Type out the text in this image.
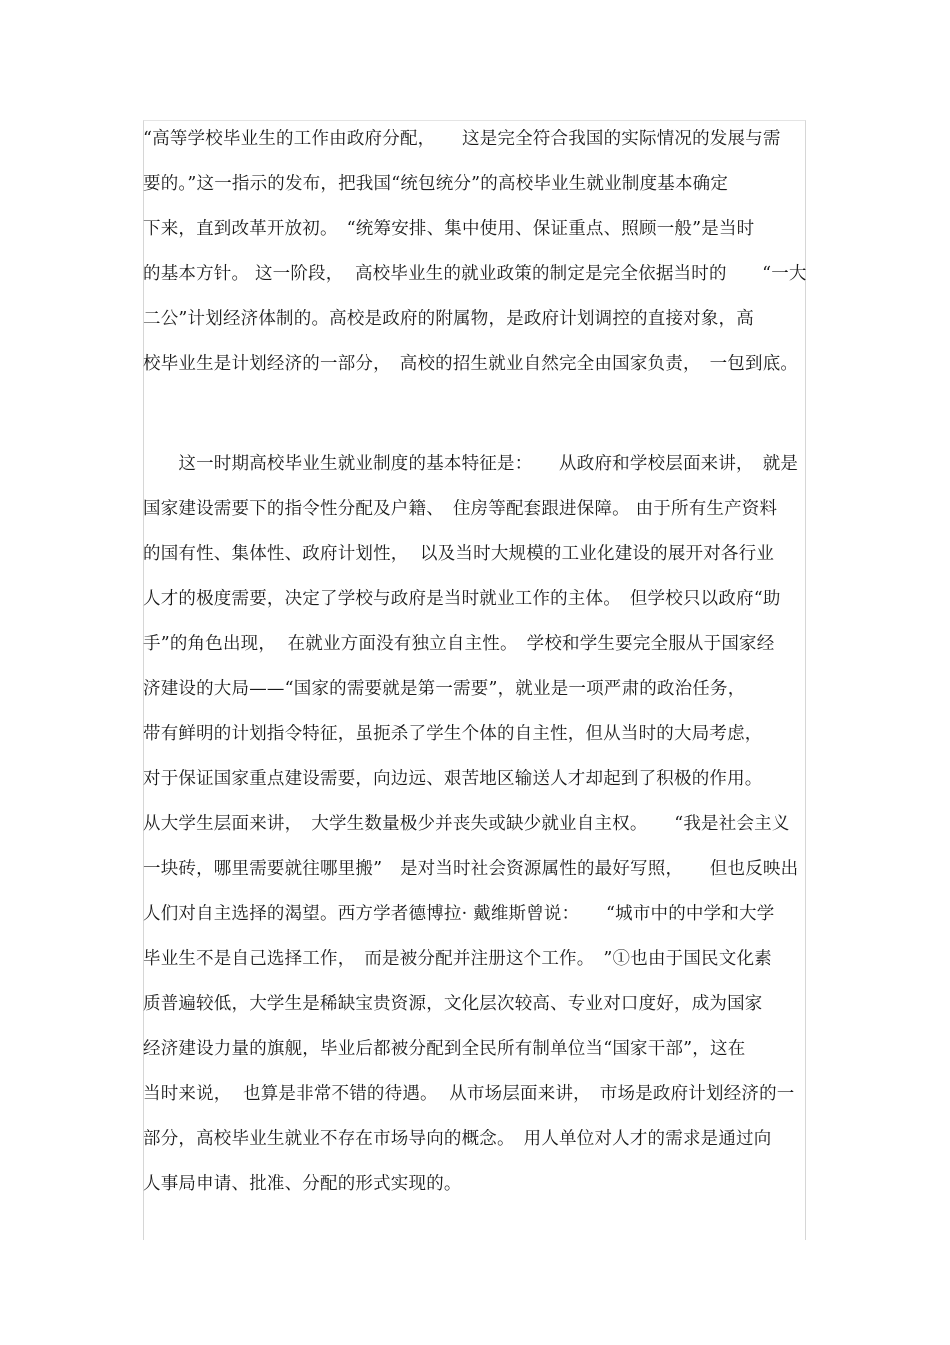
“高等学校毕业生的工作由政府分配，　　这是完全符合我国的实际情况的发展与需
要的。”这一指示的发布，把我国“统包统分”的高校毕业生就业制度基本确定
下来，直到改革开放初。　“统筹安排、集中使用、保证重点、照顾一般”是当时
的基本方针。 这一阶段，  高校毕业生的就业政策的制定是完全依据当时的　　“一大
二公”计划经济体制的。高校是政府的附属物，是政府计划调控的直接对象，高
校毕业生是计划经济的一部分，　高校的招生就业自然完全由国家负责，　一包到底。
　　这一时期高校毕业生就业制度的基本特征是：　　从政府和学校层面来讲，　就是
国家建设需要下的指令性分配及户籍、　住房等配套跟进保障。 由于所有生产资料
的国有性、集体性、政府计划性，  以及当时大规模的工业化建设的展开对各行业
人才的极度需要，决定了学校与政府是当时就业工作的主体。　但学校只以政府“助
手”的角色出现，  在就业方面没有独立自主性。　学校和学生要完全服从于国家经
济建设的大局——“国家的需要就是第一需要”，就业是一项严肃的政治任务，
带有鲜明的计划指令特征，虽扼杀了学生个体的自主性，但从当时的大局考虑，
对于保证国家重点建设需要，向边远、艰苦地区输送人才却起到了积极的作用。
从大学生层面来讲，　大学生数量极少并丧失或缺少就业自主权。　　“我是社会主义
一块砖，哪里需要就往哪里搬”　是对当时社会资源属性的最好写照，　　但也反映出
人们对自主选择的渴望。西方学者德博拉· 戴维斯曾说：　　“城市中的中学和大学
毕业生不是自己选择工作，　而是被分配并注册这个工作。　”①也由于国民文化素
质普遍较低，大学生是稀缺宝贵资源，文化层次较高、专业对口度好，成为国家
经济建设力量的旗舰，毕业后都被分配到全民所有制单位当“国家干部”，这在
当时来说，  也算是非常不错的待遇。  从市场层面来讲，　市场是政府计划经济的一
部分，高校毕业生就业不存在市场导向的概念。　用人单位对人才的需求是通过向
人事局申请、批准、分配的形式实现的。
